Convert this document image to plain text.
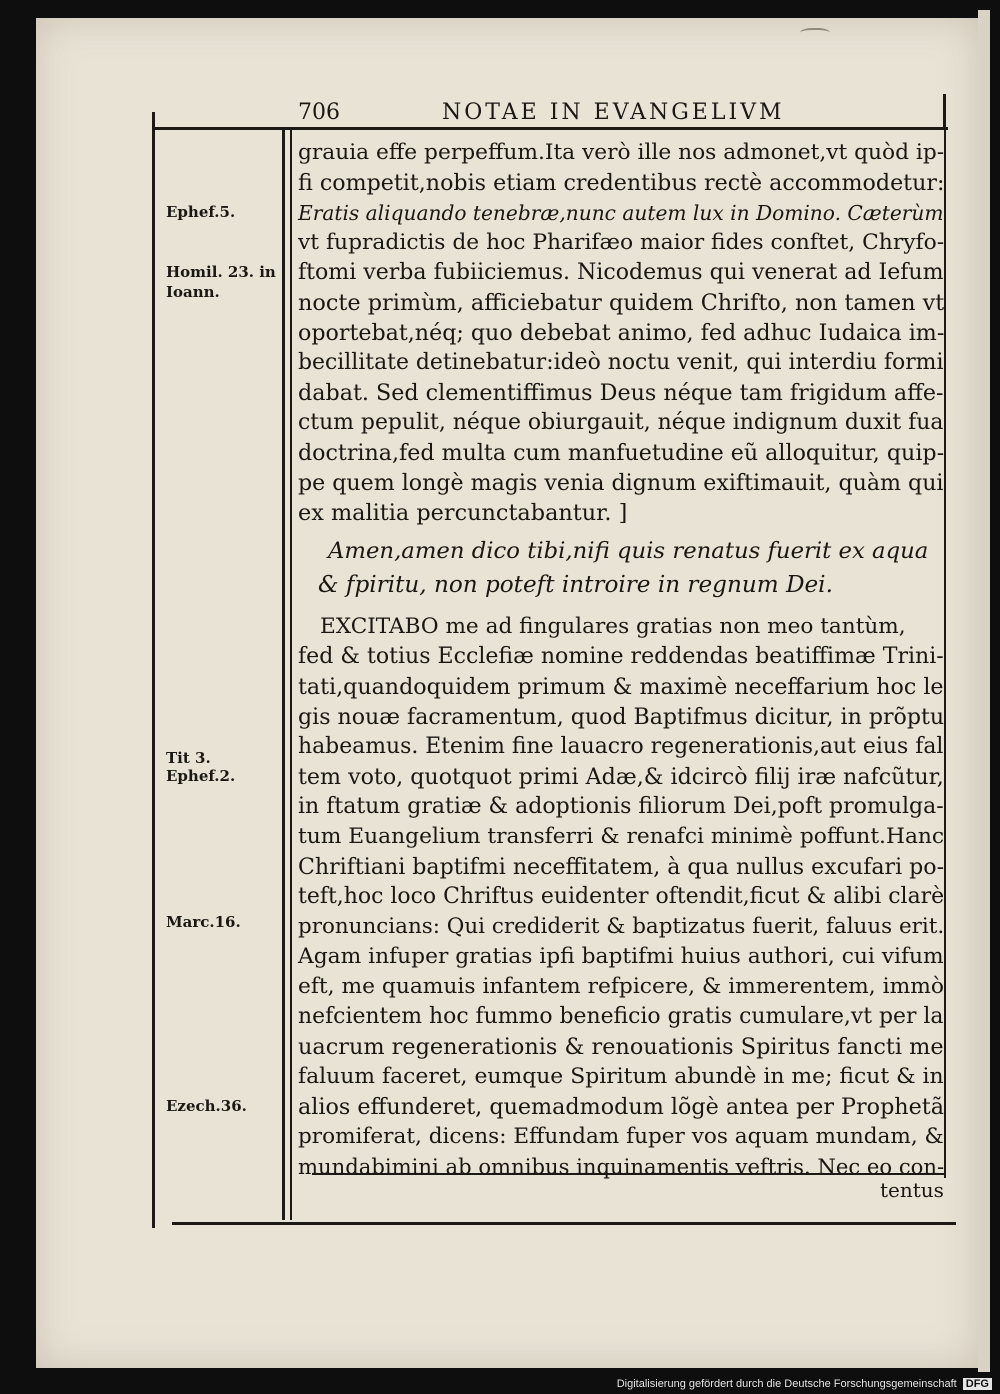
706	NOTAE IN EVANGELIVM
Ephef.5.
Homil. 23. in
Ioann.
Tit 3.
Ephef.2.
Marc.16.
Ezech.36.
grauia effe perpeffum.Ita verò ille nos admonet,vt quòd ip-
fi competit,nobis etiam credentibus rectè accommodetur:
Eratis aliquando tenebræ,nunc autem lux in Domino. Cæterùm
vt fupradictis de hoc Pharifæo maior fides conftet, Chryfo-
ftomi verba fubiiciemus. Nicodemus qui venerat ad Iefum
nocte primùm, afficiebatur quidem Chrifto, non tamen vt
oportebat,néq; quo debebat animo, fed adhuc Iudaica im-
becillitate detinebatur:ideò noctu venit, qui interdiu formi
dabat. Sed clementiffimus Deus néque tam frigidum affe-
ctum pepulit, néque obiurgauit, néque indignum duxit fua
doctrina,fed multa cum manfuetudine eũ alloquitur, quip-
pe quem longè magis venia dignum exiftimauit, quàm qui
ex malitia percunctabantur. ]
Amen,amen dico tibi,nifi quis renatus fuerit ex aqua
& fpiritu, non poteft introire in regnum Dei.
EXCITABO me ad fingulares gratias non meo tantùm,
fed & totius Ecclefiæ nomine reddendas beatiffimæ Trini-
tati,quandoquidem primum & maximè neceffarium hoc le
gis nouæ facramentum, quod Baptifmus dicitur, in prõptu
habeamus. Etenim fine lauacro regenerationis,aut eius fal
tem voto, quotquot primi Adæ,& idcircò filij iræ nafcũtur,
in ftatum gratiæ & adoptionis filiorum Dei,poft promulga-
tum Euangelium transferri & renafci minimè poffunt.Hanc
Chriftiani baptifmi neceffitatem, à qua nullus excufari po-
teft,hoc loco Chriftus euidenter oftendit,ficut & alibi clarè
pronuncians: Qui crediderit & baptizatus fuerit, faluus erit.
Agam infuper gratias ipfi baptifmi huius authori, cui vifum
eft, me quamuis infantem refpicere, & immerentem, immò
nefcientem hoc fummo beneficio gratis cumulare,vt per la
uacrum regenerationis & renouationis Spiritus fancti me
faluum faceret, eumque Spiritum abundè in me; ficut & in
alios effunderet, quemadmodum lõgè antea per Prophetã
promiferat, dicens: Effundam fuper vos aquam mundam, &
mundabimini ab omnibus inquinamentis veftris. Nec eo con-
tentus
Digitalisierung gefördert durch die Deutsche Forschungsgemeinschaft DFG
